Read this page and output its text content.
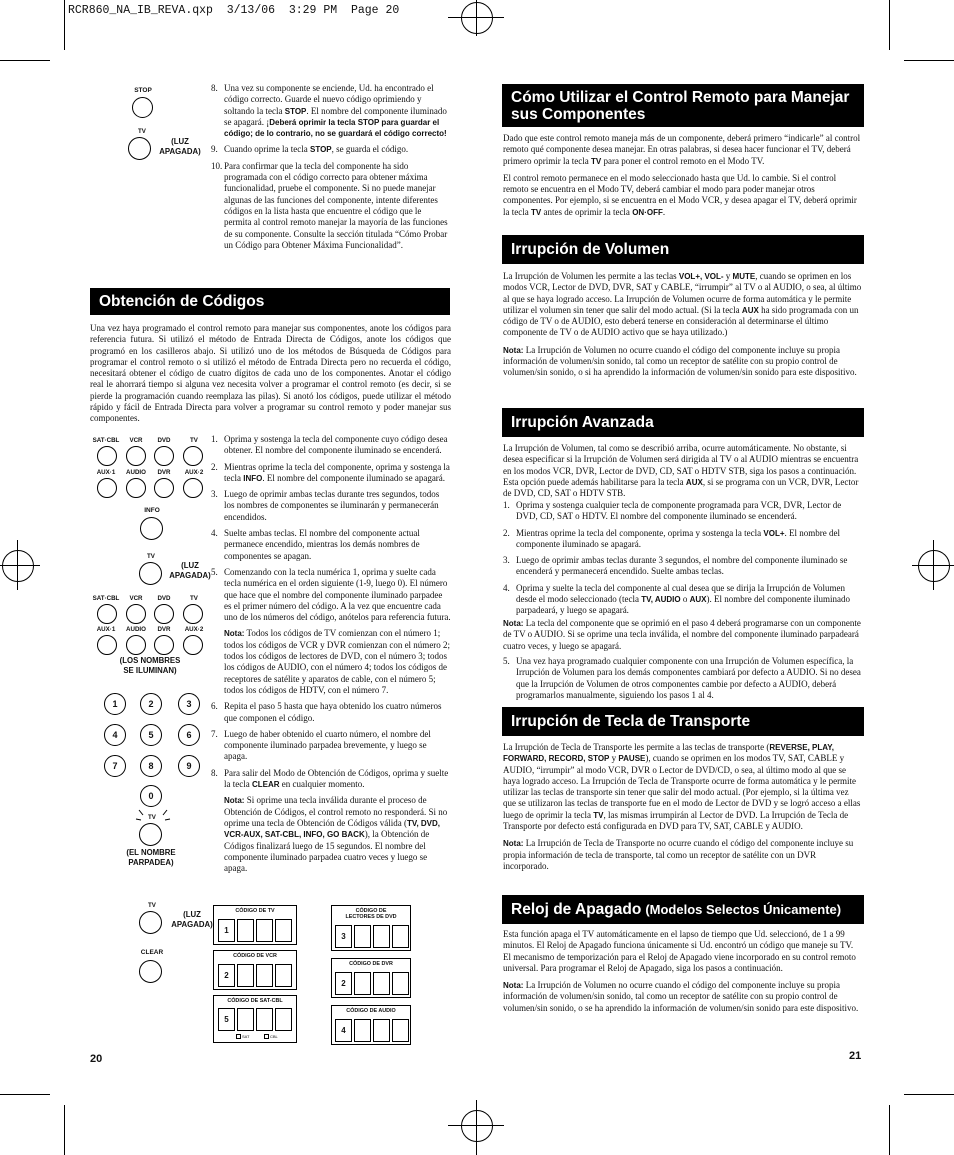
RCR860_NA_IB_REVA.qxp  3/13/06  3:29 PM  Page 20
STOP
TV
(LUZ
APAGADA)
8. Una vez su componente se enciende, Ud. ha encontrado el código correcto. Guarde el nuevo código oprimiendo y soltando la tecla STOP. El nombre del componente iluminado se apagará. ¡Deberá oprimir la tecla STOP para guardar el código; de lo contrario, no se guardará el código correcto!
9. Cuando oprime la tecla STOP, se guarda el código.
10. Para confirmar que la tecla del componente ha sido programada con el código correcto para obtener máxima funcionalidad, pruebe el componente. Si no puede manejar algunas de las funciones del componente, intente diferentes códigos en la lista hasta que encuentre el código que le permita al control remoto manejar la mayoría de las funciones de su componente. Consulte la sección titulada “Cómo Probar un Código para Obtener Máxima Funcionalidad”.
Obtención de Códigos

Una vez haya programado el control remoto para manejar sus componentes, anote los códigos para referencia futura. Si utilizó el método de Entrada Directa de Códigos, anote los códigos que programó en los casilleros abajo. Si utilizó uno de los métodos de Búsqueda de Códigos para programar el control remoto o si utilizó el método de Entrada Directa pero no recuerda el código, necesitará obtener el código de cuatro dígitos de cada uno de los componentes. Anotar el código real le ahorrará tiempo si alguna vez necesita volver a programar el control remoto (es decir, si se pierde la programación cuando reemplaza las pilas). Si anotó los códigos, puede utilizar el método rápido y fácil de Entrada Directa para volver a programar su control remoto y poder manejar sus componentes.

SAT·CBL	VCR	DVD	TV
AUX·1	AUDIO	DVR	AUX·2
INFO
TV
(LUZ
APAGADA)
SAT·CBL	VCR	DVD	TV
AUX·1	AUDIO	DVR	AUX·2
(LOS NOMBRES
SE ILUMINAN)
1	2	3
4	5	6
7	8	9
0
TV
(EL NOMBRE
PARPADEA)
TV
(LUZ
APAGADA)
CLEAR
CÓDIGO DE TV
1
CÓDIGO DE VCR
2
CÓDIGO DE SAT-CBL
5
SAT	CBL
CÓDIGO DE
LECTORES DE DVD
3
CÓDIGO DE DVR
2
CÓDIGO DE AUDIO
4
1. Oprima y sostenga la tecla del componente cuyo código desea obtener. El nombre del componente iluminado se encenderá.
2. Mientras oprime la tecla del componente, oprima y sostenga la tecla INFO. El nombre del componente iluminado se apagará.
3. Luego de oprimir ambas teclas durante tres segundos, todos los nombres de componentes se iluminarán y permanecerán encendidos.
4. Suelte ambas teclas. El nombre del componente actual permanece encendido, mientras los demás nombres de componentes se apagan.
5. Comenzando con la tecla numérica 1, oprima y suelte cada tecla numérica en el orden siguiente (1-9, luego 0). El número que hace que el nombre del componente iluminado parpadee es el primer número del código. A la vez que encuentre cada uno de los números del código, anótelos para referencia futura.
Nota: Todos los códigos de TV comienzan con el número 1; todos los códigos de VCR y DVR comienzan con el número 2; todos los códigos de lectores de DVD, con el número 3; todos los códigos de AUDIO, con el número 4; todos los códigos de receptores de satélite y aparatos de cable, con el número 5; todos los códigos de HDTV, con el número 7.
6. Repita el paso 5 hasta que haya obtenido los cuatro números que componen el código.
7. Luego de haber obtenido el cuarto número, el nombre del componente iluminado parpadea brevemente, y luego se apaga.
8. Para salir del Modo de Obtención de Códigos, oprima y suelte la tecla CLEAR en cualquier momento.
Nota: Si oprime una tecla inválida durante el proceso de Obtención de Códigos, el control remoto no responderá. Si no oprime una tecla de Obtención de Códigos válida (TV, DVD, VCR-AUX, SAT-CBL, INFO, GO BACK), la Obtención de Códigos finalizará luego de 15 segundos. El nombre del componente iluminado parpadea cuatro veces y luego se apaga.
20
Cómo Utilizar el Control Remoto para Manejar sus Componentes

Dado que este control remoto maneja más de un componente, deberá primero “indicarle” al control remoto qué componente desea manejar. En otras palabras, si desea hacer funcionar el TV, deberá primero oprimir la tecla TV para poner el control remoto en el Modo TV.

El control remoto permanece en el modo seleccionado hasta que Ud. lo cambie. Si el control remoto se encuentra en el Modo TV, deberá cambiar el modo para poder manejar otros componentes. Por ejemplo, si se encuentra en el Modo VCR, y desea apagar el TV, deberá oprimir la tecla TV antes de oprimir la tecla ON·OFF.

Irrupción de Volumen

La Irrupción de Volumen les permite a las teclas VOL+, VOL- y MUTE, cuando se oprimen en los modos VCR, Lector de DVD, DVR, SAT y CABLE, “irrumpir” al TV o al AUDIO, o sea, al último al que se haya logrado acceso. La Irrupción de Volumen ocurre de forma automática y le permite utilizar el volumen sin tener que salir del modo actual. (Si la tecla AUX ha sido programada con un código de TV o de AUDIO, esto deberá tenerse en consideración al determinarse el último componente de TV o de AUDIO activo que se haya utilizado.)

Nota: La Irrupción de Volumen no ocurre cuando el código del componente incluye su propia información de volumen/sin sonido, tal como un receptor de satélite con su propio control de volumen/sin sonido, o si ha aprendido la información de volumen/sin sonido para este dispositivo.

Irrupción Avanzada

La Irrupción de Volumen, tal como se describió arriba, ocurre automáticamente. No obstante, si desea especificar si la Irrupción de Volumen será dirigida al TV o al AUDIO mientras se encuentra en los modos VCR, DVR, Lector de DVD, CD, SAT o HDTV STB, siga los pasos a continuación. Esta opción puede además habilitarse para la tecla AUX, si se programa con un VCR, DVR, Lector de DVD, CD, SAT o HDTV STB.

1. Oprima y sostenga cualquier tecla de componente programada para VCR, DVR, Lector de DVD, CD, SAT o HDTV. El nombre del componente iluminado se encenderá.
2. Mientras oprime la tecla del componente, oprima y sostenga la tecla VOL+. El nombre del componente iluminado se apagará.
3. Luego de oprimir ambas teclas durante 3 segundos, el nombre del componente iluminado se encenderá y permanecerá encendido. Suelte ambas teclas.
4. Oprima y suelte la tecla del componente al cual desea que se dirija la Irrupción de Volumen desde el modo seleccionado (tecla TV, AUDIO o AUX). El nombre del componente iluminado parpadeará, y luego se apagará.

Nota: La tecla del componente que se oprimió en el paso 4 deberá programarse con un componente de TV o AUDIO. Si se oprime una tecla inválida, el nombre del componente iluminado parpadeará cuatro veces, y luego se apagará.

5. Una vez haya programado cualquier componente con una Irrupción de Volumen específica, la Irrupción de Volumen para los demás componentes cambiará por defecto a AUDIO. Si no desea que la Irrupción de Volumen de otros componentes cambie por defecto a AUDIO, deberá programarlos manualmente, siguiendo los pasos 1 al 4.
Irrupción de Tecla de Transporte

La Irrupción de Tecla de Transporte les permite a las teclas de transporte (REVERSE, PLAY, FORWARD, RECORD, STOP y PAUSE), cuando se oprimen en los modos TV, SAT, CABLE y AUDIO, “irrumpir” al modo VCR, DVR o Lector de DVD/CD, o sea, al último modo al que se haya logrado acceso. La Irrupción de Tecla de Transporte ocurre de forma automática y le permite utilizar las teclas de transporte sin tener que salir del modo actual. (Por ejemplo, si la última vez que se utilizaron las teclas de transporte fue en el modo de Lector de DVD y se logró acceso a ellas luego de oprimir la tecla TV, las mismas irrumpirán al Lector de DVD. La Irrupción de Tecla de Transporte por defecto está configurada en DVD para TV, SAT, CABLE y AUDIO.

Nota: La Irrupción de Tecla de Transporte no ocurre cuando el código del componente incluye su propia información de tecla de transporte, tal como un receptor de satélite con un DVR incorporado.

Reloj de Apagado (Modelos Selectos Únicamente)

Esta función apaga el TV automáticamente en el lapso de tiempo que Ud. seleccionó, de 1 a 99 minutos. El Reloj de Apagado funciona únicamente si Ud. encontró un código que maneje su TV. El mecanismo de temporización para el Reloj de Apagado viene incorporado en su control remoto universal. Para programar el Reloj de Apagado, siga los pasos a continuación.

Nota: La Irrupción de Volumen no ocurre cuando el código del componente incluye su propia información de volumen/sin sonido, tal como un receptor de satélite con su propio control de volumen/sin sonido, o se ha aprendido la información de volumen/sin sonido para este dispositivo.

21
